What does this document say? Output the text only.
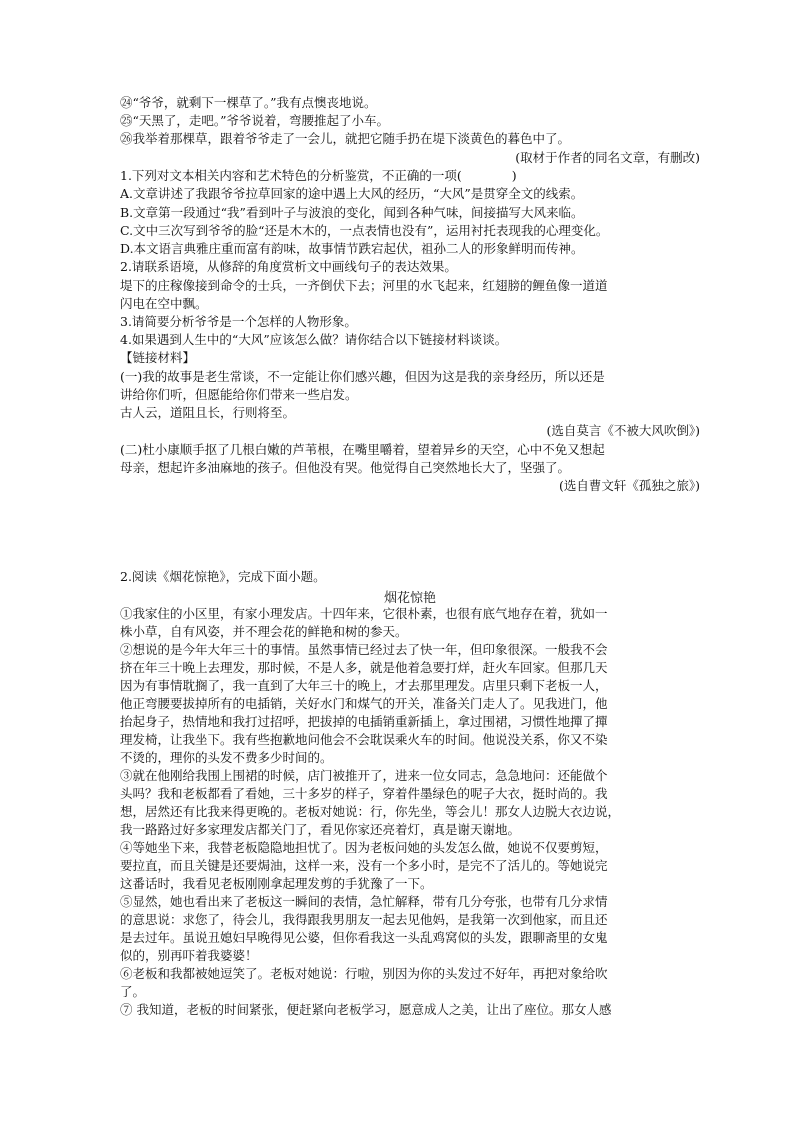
㉔“爷爷，就剩下一棵草了。”我有点懊丧地说。
㉕“天黑了，走吧。”爷爷说着，弯腰推起了小车。
㉖我举着那棵草，跟着爷爷走了一会儿，就把它随手扔在堤下淡黄色的暮色中了。
(取材于作者的同名文章，有删改)
1.下列对文本相关内容和艺术特色的分析鉴赏，不正确的一项(　　　　)
A.文章讲述了我跟爷爷拉草回家的途中遇上大风的经历，“大风”是贯穿全文的线索。
B.文章第一段通过“我”看到叶子与波浪的变化，闻到各种气味，间接描写大风来临。
C.文中三次写到爷爷的脸“还是木木的，一点表情也没有”，运用衬托表现我的心理变化。
D.本文语言典雅庄重而富有韵味，故事情节跌宕起伏，祖孙二人的形象鲜明而传神。
2.请联系语境，从修辞的角度赏析文中画线句子的表达效果。
堤下的庄稼像接到命令的士兵，一齐倒伏下去；河里的水飞起来，红翅膀的鲤鱼像一道道
闪电在空中飘。
3.请简要分析爷爷是一个怎样的人物形象。
4.如果遇到人生中的“大风”应该怎么做？请你结合以下链接材料谈谈。
【链接材料】
(一)我的故事是老生常谈，不一定能让你们感兴趣，但因为这是我的亲身经历，所以还是
讲给你们听，但愿能给你们带来一些启发。
古人云，道阻且长，行则将至。
(选自莫言《不被大风吹倒》)
(二)杜小康顺手抠了几根白嫩的芦苇根，在嘴里嚼着，望着异乡的天空，心中不免又想起
母亲，想起许多油麻地的孩子。但他没有哭。他觉得自己突然地长大了，坚强了。
(选自曹文轩《孤独之旅》)
2.阅读《烟花惊艳》，完成下面小题。
烟花惊艳
①我家住的小区里，有家小理发店。十四年来，它很朴素，也很有底气地存在着，犹如一
株小草，自有风姿，并不理会花的鲜艳和树的参天。
②想说的是今年大年三十的事情。虽然事情已经过去了快一年，但印象很深。一般我不会
挤在年三十晚上去理发，那时候，不是人多，就是他着急要打烊，赶火车回家。但那几天
因为有事情耽搁了，我一直到了大年三十的晚上，才去那里理发。店里只剩下老板一人，
他正弯腰要拔掉所有的电插销，关好水门和煤气的开关，准备关门走人了。见我进门，他
抬起身子，热情地和我打过招呼，把拔掉的电插销重新插上，拿过围裙，习惯性地撣了撣
理发椅，让我坐下。我有些抱歉地问他会不会耽误乘火车的时间。他说没关系，你又不染
不烫的，理你的头发不费多少时间的。
③就在他刚给我围上围裙的时候，店门被推开了，进来一位女同志，急急地问：还能做个
头吗？我和老板都看了看她，三十多岁的样子，穿着件墨绿色的呢子大衣，挺时尚的。我
想，居然还有比我来得更晚的。老板对她说：行，你先坐，等会儿！那女人边脱大衣边说，
我一路路过好多家理发店都关门了，看见你家还亮着灯，真是谢天谢地。
④等她坐下来，我替老板隐隐地担忧了。因为老板问她的头发怎么做，她说不仅要剪短，
要拉直，而且关键是还要焗油，这样一来，没有一个多小时，是完不了活儿的。等她说完
这番话时，我看见老板刚刚拿起理发剪的手犹豫了一下。
⑤显然，她也看出来了老板这一瞬间的表情，急忙解释，带有几分夸张，也带有几分求情
的意思说：求您了，待会儿，我得跟我男朋友一起去见他妈，是我第一次到他家，而且还
是去过年。虽说丑媳妇早晚得见公婆，但你看我这一头乱鸡窝似的头发，跟聊斋里的女鬼
似的，别再吓着我婆婆！
⑥老板和我都被她逗笑了。老板对她说：行啦，别因为你的头发过不好年，再把对象给吹
了。
⑦ 我知道，老板的时间紧张，便赶紧向老板学习，愿意成人之美，让出了座位。那女人感
